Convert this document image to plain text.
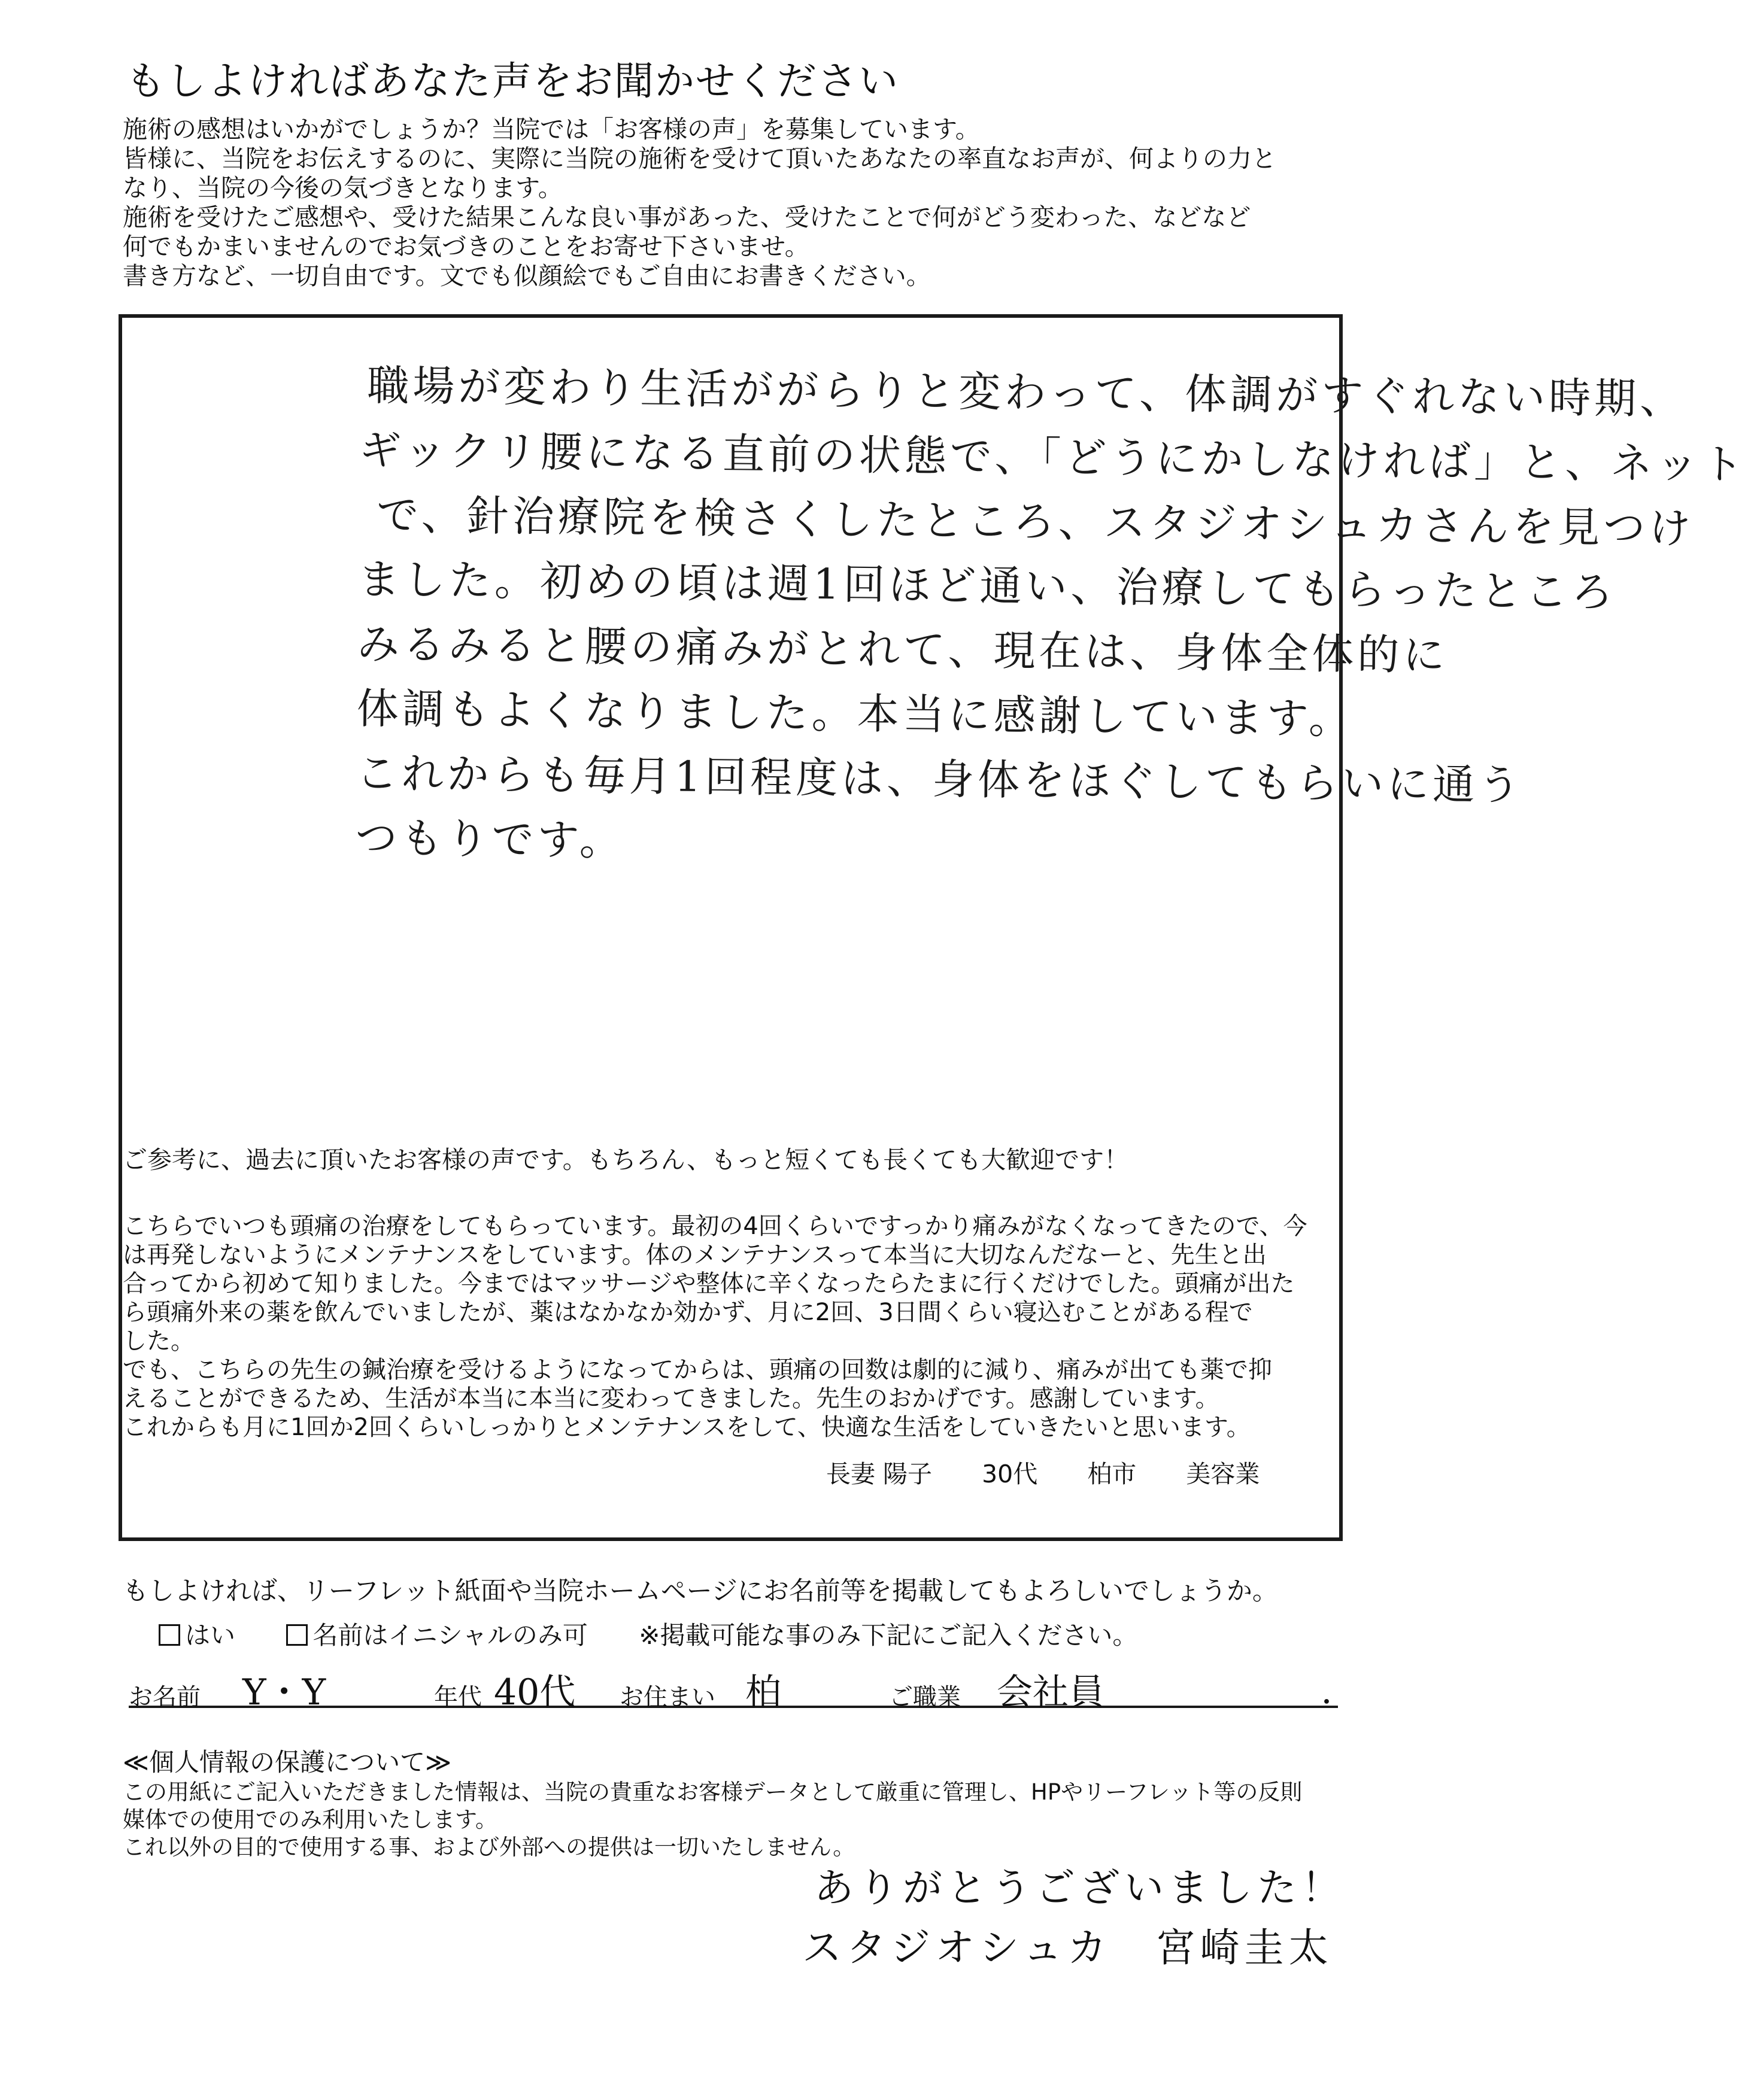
もしよければあなた声をお聞かせください
施術の感想はいかがでしょうか？当院では「お客様の声」を募集しています。
皆様に、当院をお伝えするのに、実際に当院の施術を受けて頂いたあなたの率直なお声が、何よりの力と
なり、当院の今後の気づきとなります。
施術を受けたご感想や、受けた結果こんな良い事があった、受けたことで何がどう変わった、などなど
何でもかまいませんのでお気づきのことをお寄せ下さいませ。
書き方など、一切自由です。文でも似顔絵でもご自由にお書きください。
職場が変わり生活ががらりと変わって、体調がすぐれない時期、
ギックリ腰になる直前の状態で、「どうにかしなければ」と、ネット
で、針治療院を検さくしたところ、スタジオシュカさんを見つけ
ました。初めの頃は週1回ほど通い、治療してもらったところ
みるみると腰の痛みがとれて、現在は、身体全体的に
体調もよくなりました。本当に感謝しています。
これからも毎月1回程度は、身体をほぐしてもらいに通う
つもりです。
ご参考に、過去に頂いたお客様の声です。もちろん、もっと短くても長くても大歓迎です！
こちらでいつも頭痛の治療をしてもらっています。最初の4回くらいですっかり痛みがなくなってきたので、今
は再発しないようにメンテナンスをしています。体のメンテナンスって本当に大切なんだなーと、先生と出
合ってから初めて知りました。今まではマッサージや整体に辛くなったらたまに行くだけでした。頭痛が出た
ら頭痛外来の薬を飲んでいましたが、薬はなかなか効かず、月に2回、3日間くらい寝込むことがある程で
した。
でも、こちらの先生の鍼治療を受けるようになってからは、頭痛の回数は劇的に減り、痛みが出ても薬で抑
えることができるため、生活が本当に本当に変わってきました。先生のおかげです。感謝しています。
これからも月に1回か2回くらいしっかりとメンテナンスをして、快適な生活をしていきたいと思います。
長妻 陽子 30代 柏市 美容業
もしよければ、リーフレット紙面や当院ホームページにお名前等を掲載してもよろしいでしょうか。
はい	名前はイニシャルのみ可 ※掲載可能な事のみ下記にご記入ください。
お名前 Y・Y	年代 40代 お住まい 柏	ご職業 会社員	・
≪個人情報の保護について≫
この用紙にご記入いただきました情報は、当院の貴重なお客様データとして厳重に管理し、HPやリーフレット等の反則
媒体での使用でのみ利用いたします。
これ以外の目的で使用する事、および外部への提供は一切いたしません。
ありがとうございました！
スタジオシュカ　宮崎圭太
